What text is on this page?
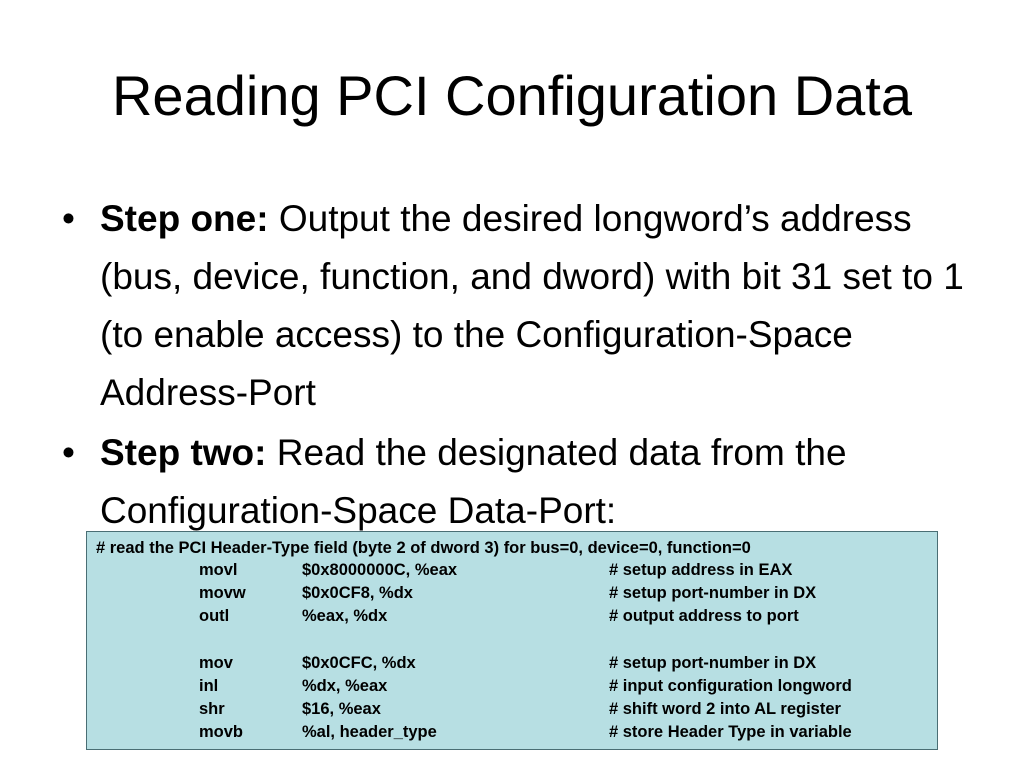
Reading PCI Configuration Data
• Step one: Output the desired longword’s address (bus, device, function, and dword) with bit 31 set to 1 (to enable access) to the Configuration-Space Address-Port
• Step two: Read the designated data from the Configuration-Space Data-Port:
# read the PCI Header-Type field (byte 2 of dword 3) for bus=0, device=0, function=0
movl	$0x8000000C, %eax	# setup address in EAX
movw	$0x0CF8, %dx	# setup port-number in DX
outl	%eax, %dx	# output address to port
mov	$0x0CFC, %dx	# setup port-number in DX
inl	%dx, %eax	# input configuration longword
shr	$16, %eax	# shift word 2 into AL register
movb	%al, header_type	# store Header Type in variable
